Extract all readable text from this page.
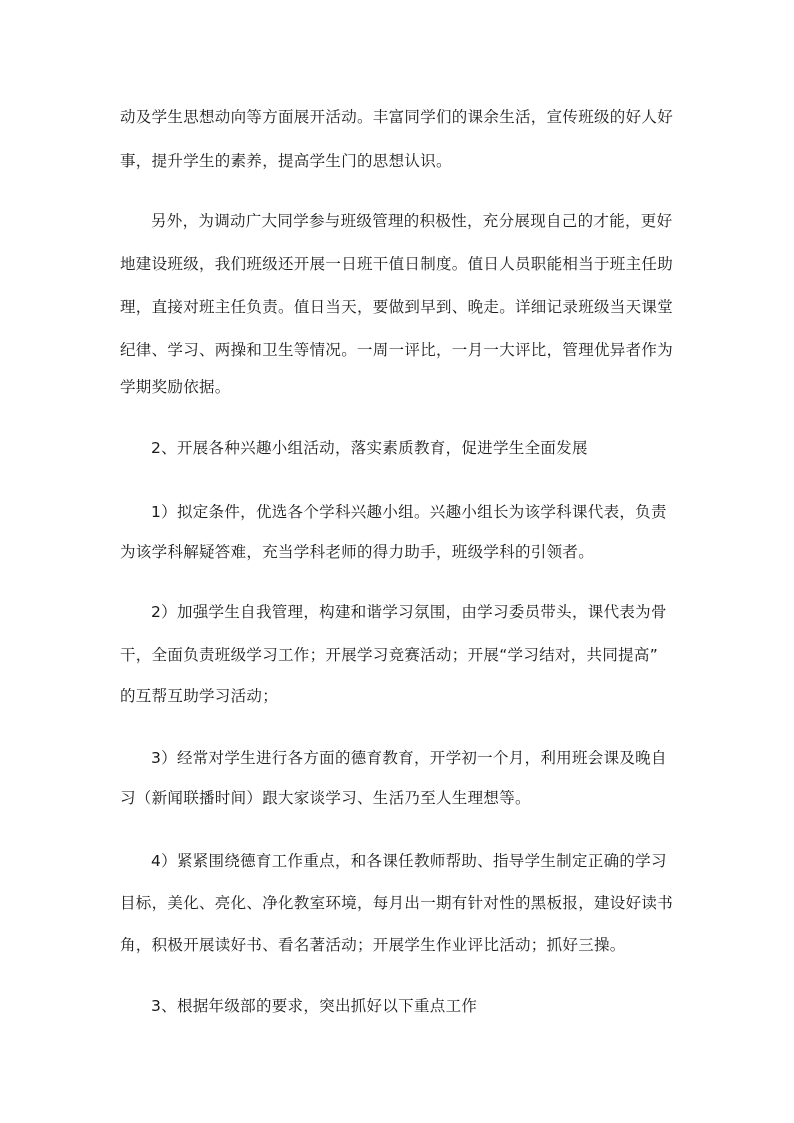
动及学生思想动向等方面展开活动。丰富同学们的课余生活，宣传班级的好人好
事，提升学生的素养，提高学生门的思想认识。
另外，为调动广大同学参与班级管理的积极性，充分展现自己的才能，更好
地建设班级，我们班级还开展一日班干值日制度。值日人员职能相当于班主任助
理，直接对班主任负责。值日当天，要做到早到、晚走。详细记录班级当天课堂
纪律、学习、两操和卫生等情况。一周一评比，一月一大评比，管理优异者作为
学期奖励依据。
2、开展各种兴趣小组活动，落实素质教育，促进学生全面发展
1）拟定条件，优选各个学科兴趣小组。兴趣小组长为该学科课代表，负责
为该学科解疑答难，充当学科老师的得力助手，班级学科的引领者。
2）加强学生自我管理，构建和谐学习氛围，由学习委员带头，课代表为骨
干，全面负责班级学习工作；开展学习竞赛活动；开展“学习结对，共同提高”
的互帮互助学习活动；
3）经常对学生进行各方面的德育教育，开学初一个月，利用班会课及晚自
习（新闻联播时间）跟大家谈学习、生活乃至人生理想等。
4）紧紧围绕德育工作重点，和各课任教师帮助、指导学生制定正确的学习
目标，美化、亮化、净化教室环境，每月出一期有针对性的黑板报，建设好读书
角，积极开展读好书、看名著活动；开展学生作业评比活动；抓好三操。
3、根据年级部的要求，突出抓好以下重点工作
